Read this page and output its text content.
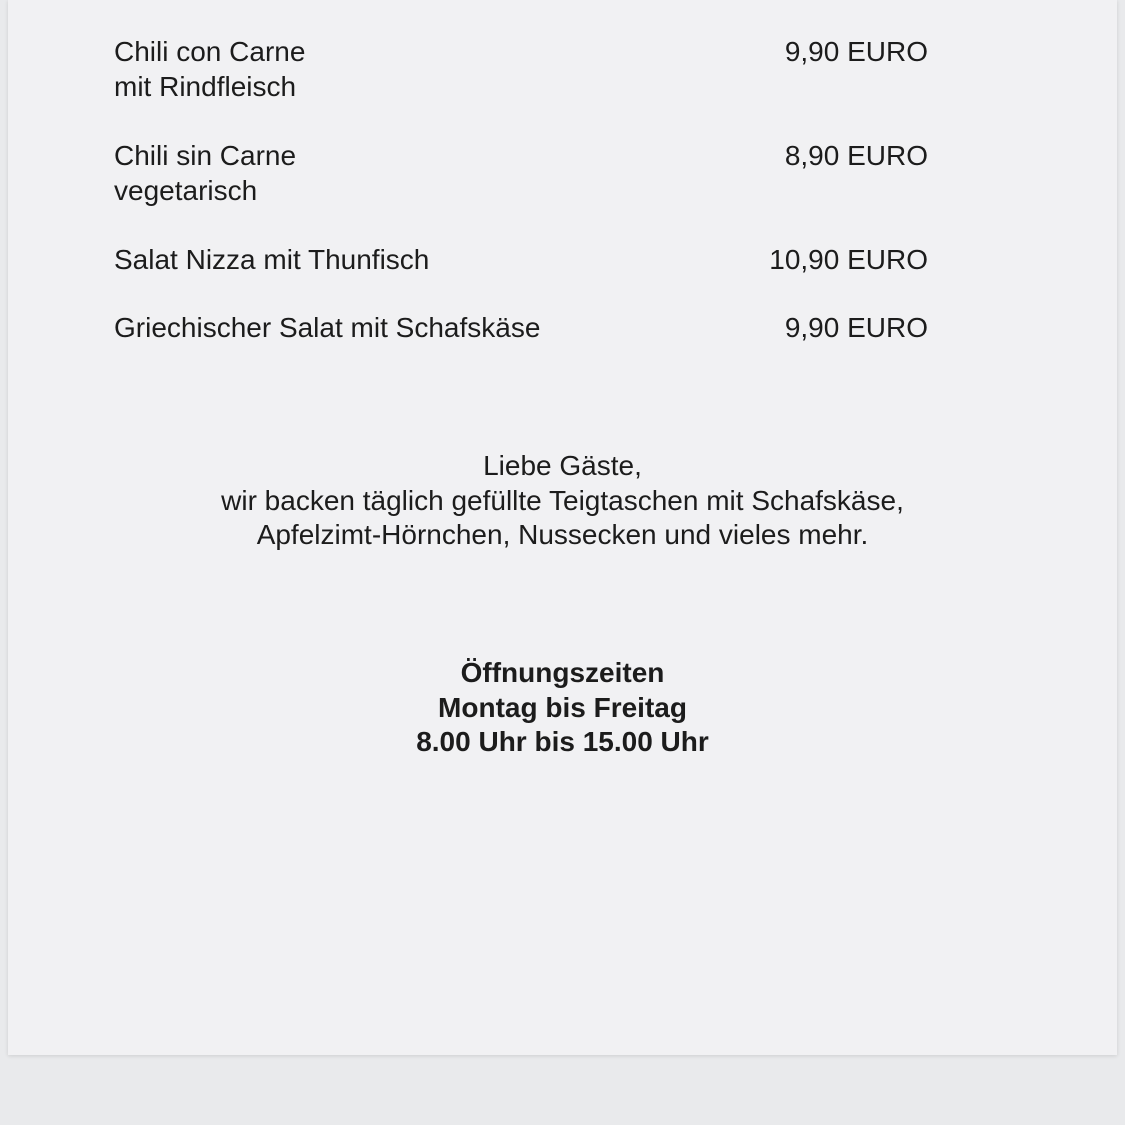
Chili con Carne
mit Rindfleisch
9,90 EURO
Chili sin Carne
vegetarisch
8,90 EURO
Salat Nizza mit Thunfisch	10,90 EURO
Griechischer Salat mit Schafskäse	9,90 EURO
Liebe Gäste,
wir backen täglich gefüllte Teigtaschen mit Schafskäse,
Apfelzimt-Hörnchen, Nussecken und vieles mehr.
Öffnungszeiten
Montag bis Freitag
8.00 Uhr bis 15.00 Uhr
